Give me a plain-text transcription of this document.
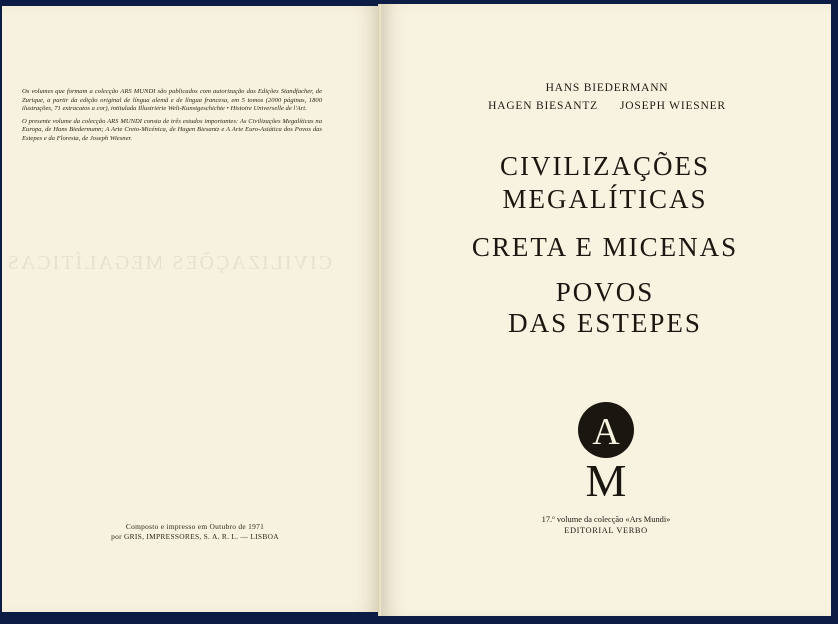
Os volumes que formam a colecção ARS MUNDI são publicados com autorização das Edições Standfacher, de Zurique, a partir da edição original de língua alemã e de língua francesa, em 5 tomos (2000 páginas, 1800 ilustrações, 71 extracatos a cor), intitulada Illustrierte Welt-Kunstgeschichte • Histoire Universelle de l'Art.

O presente volume da colecção ARS MUNDI consta de três estudos importantes: As Civilizações Megalíticas na Europa, de Hans Biedermann; A Arte Creto-Micénica, de Hagen Biesantz e A Arte Euro-Asiática dos Povos das Estepes e da Floresta, de Joseph Wiesner.

CIVILIZAÇÕES MEGALÍTICAS
Composto e impresso em Outubro de 1971
por GRIS, IMPRESSORES, S. A. R. L. — LISBOA
HANS BIEDERMANN
HAGEN BIESANTZ JOSEPH WIESNER
CIVILIZAÇÕES
MEGALÍTICAS
CRETA E MICENAS
POVOS
DAS ESTEPES
A
M
17.º volume da colecção «Ars Mundi»
EDITORIAL VERBO
